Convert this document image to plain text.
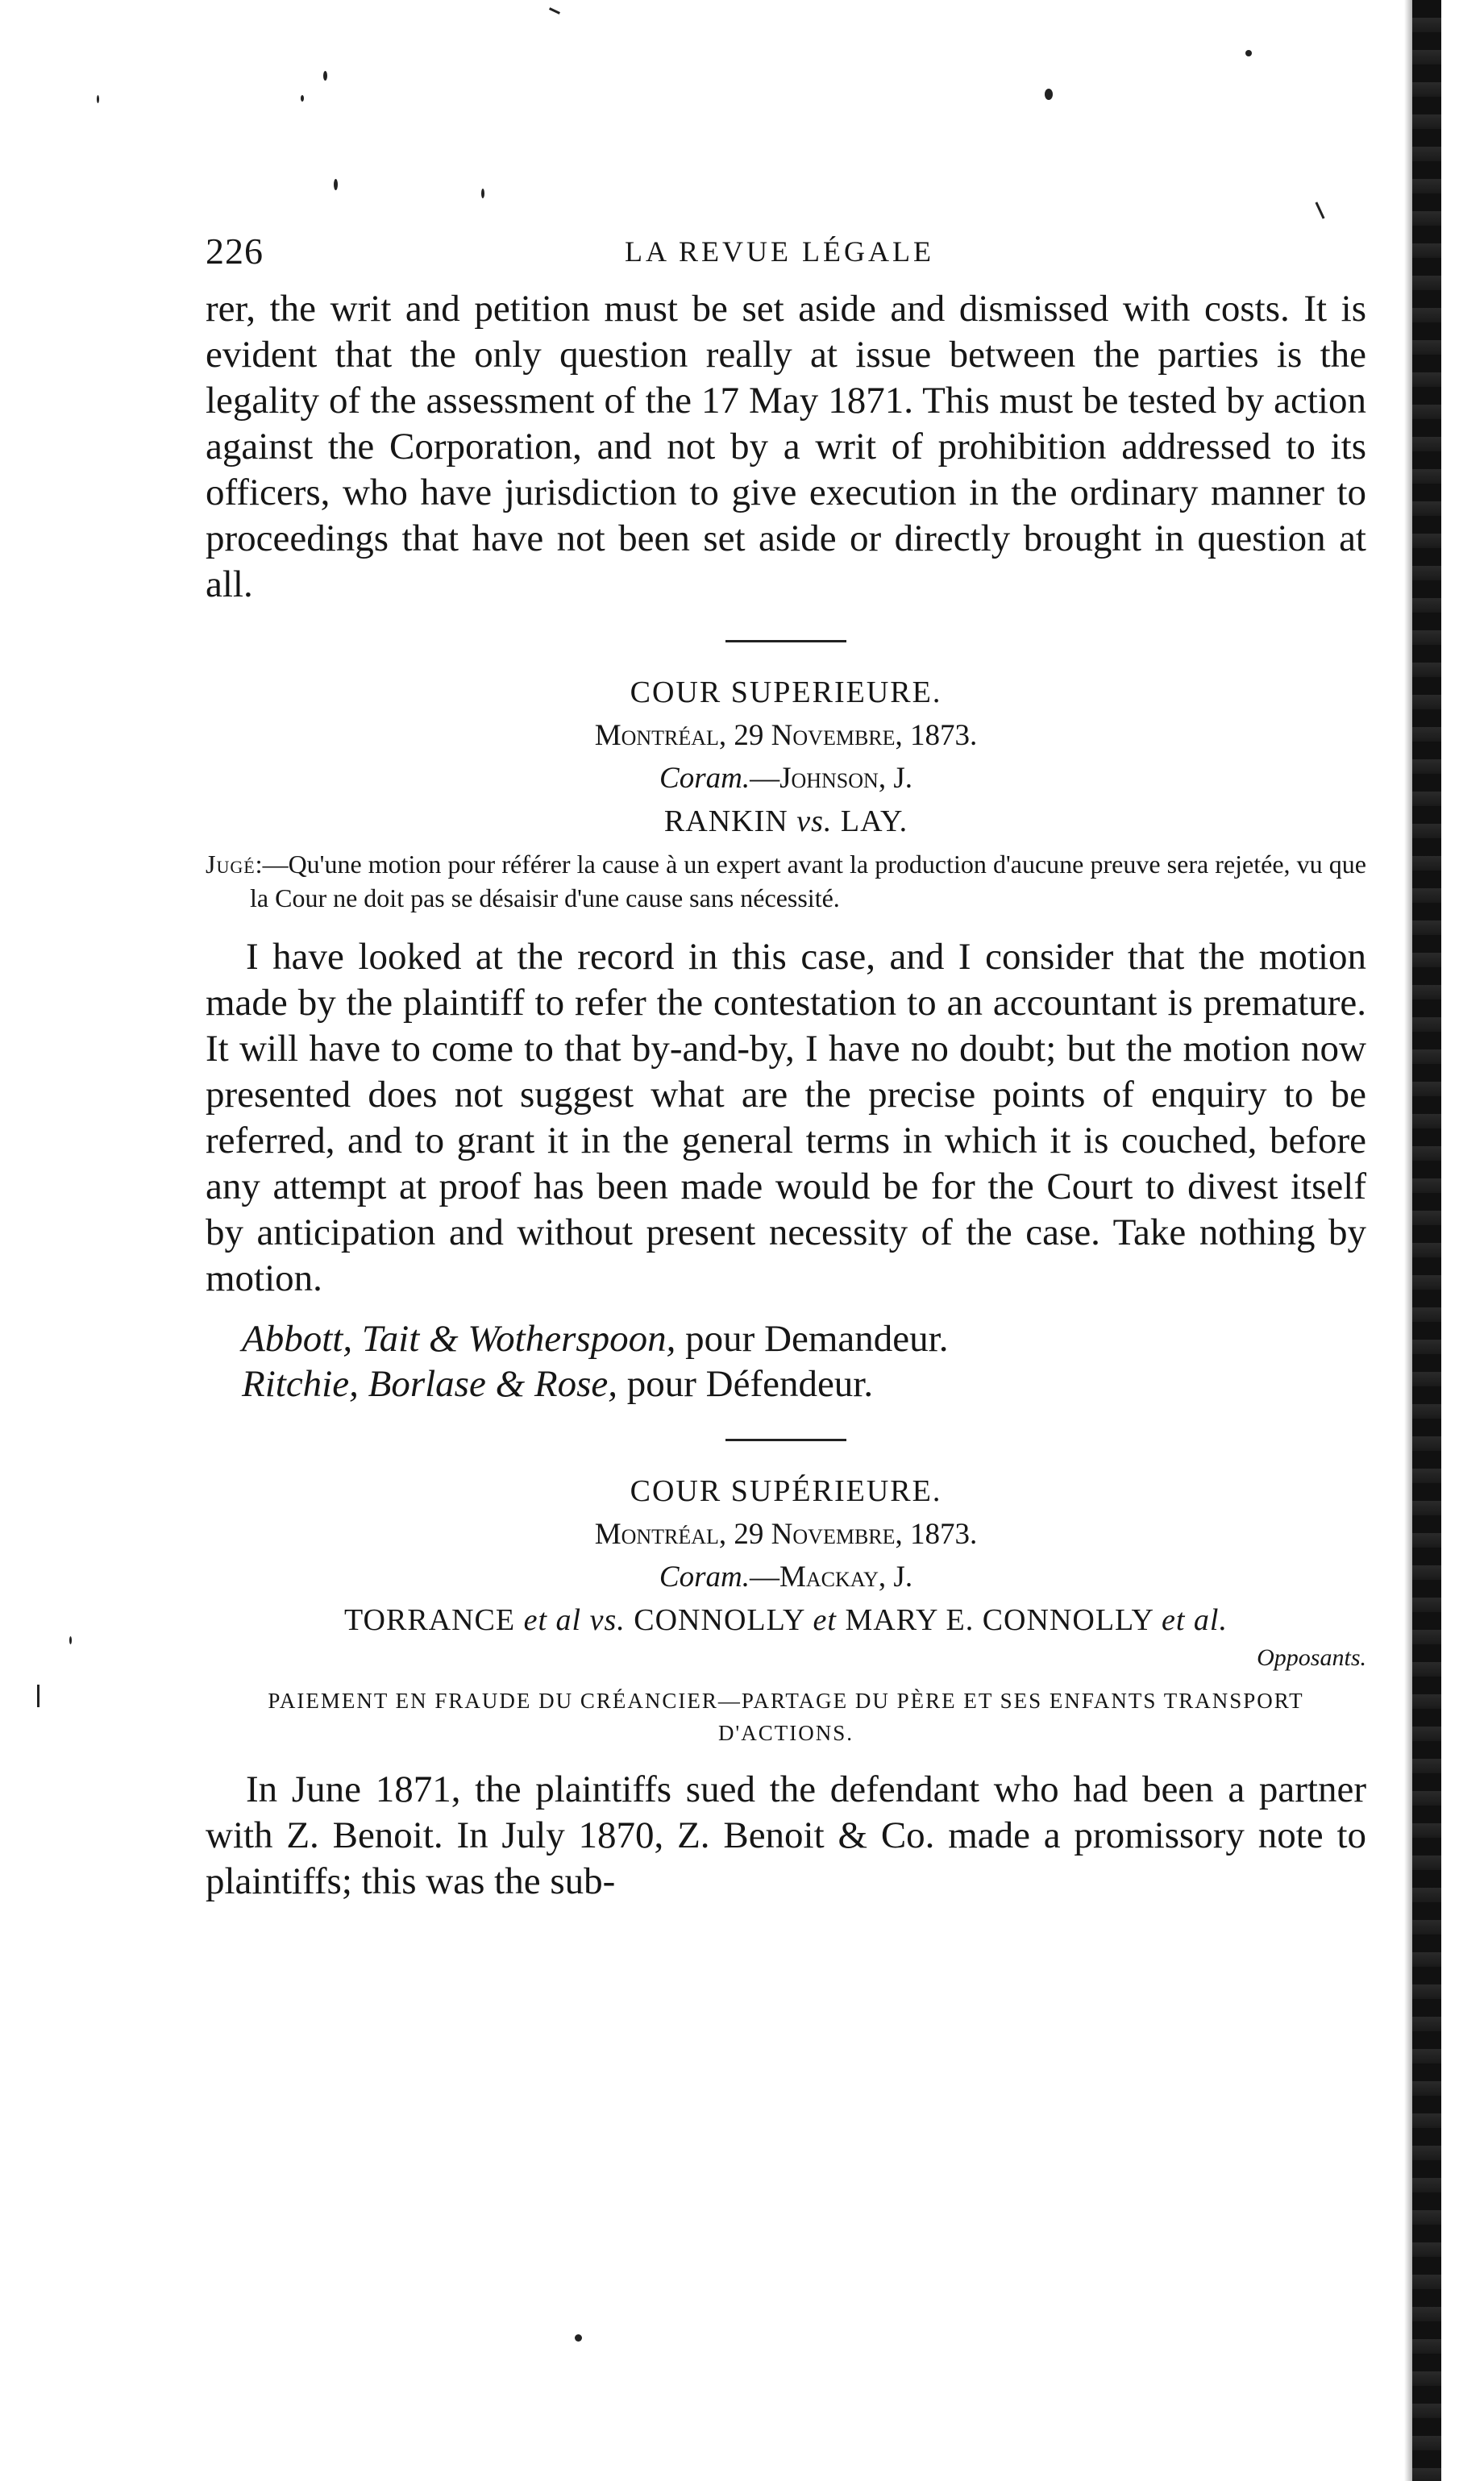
226	LA REVUE LÉGALE

rer, the writ and petition must be set aside and dismissed with costs. It is evident that the only question really at issue between the parties is the legality of the assessment of the 17 May 1871. This must be tested by action against the Corporation, and not by a writ of prohibition addressed to its officers, who have jurisdiction to give execution in the ordinary manner to proceedings that have not been set aside or directly brought in question at all.

COUR SUPERIEURE.

Montréal, 29 Novembre, 1873.

Coram.—Johnson, J.

RANKIN vs. LAY.

Jugé:—Qu'une motion pour référer la cause à un expert avant la production d'aucune preuve sera rejetée, vu que la Cour ne doit pas se désaisir d'une cause sans nécessité.

I have looked at the record in this case, and I consider that the motion made by the plaintiff to refer the contestation to an accountant is premature. It will have to come to that by-and-by, I have no doubt; but the motion now presented does not suggest what are the precise points of enquiry to be referred, and to grant it in the general terms in which it is couched, before any attempt at proof has been made would be for the Court to divest itself by anticipation and without present necessity of the case. Take nothing by motion.

Abbott, Tait & Wotherspoon, pour Demandeur.

Ritchie, Borlase & Rose, pour Défendeur.

COUR SUPÉRIEURE.

Montréal, 29 Novembre, 1873.

Coram.—Mackay, J.

TORRANCE et al vs. CONNOLLY et MARY E. CONNOLLY et al.

Opposants.

PAIEMENT EN FRAUDE DU CRÉANCIER—PARTAGE DU PÈRE ET SES ENFANTS TRANSPORT D'ACTIONS.

In June 1871, the plaintiffs sued the defendant who had been a partner with Z. Benoit. In July 1870, Z. Benoit & Co. made a promissory note to plaintiffs; this was the sub-
